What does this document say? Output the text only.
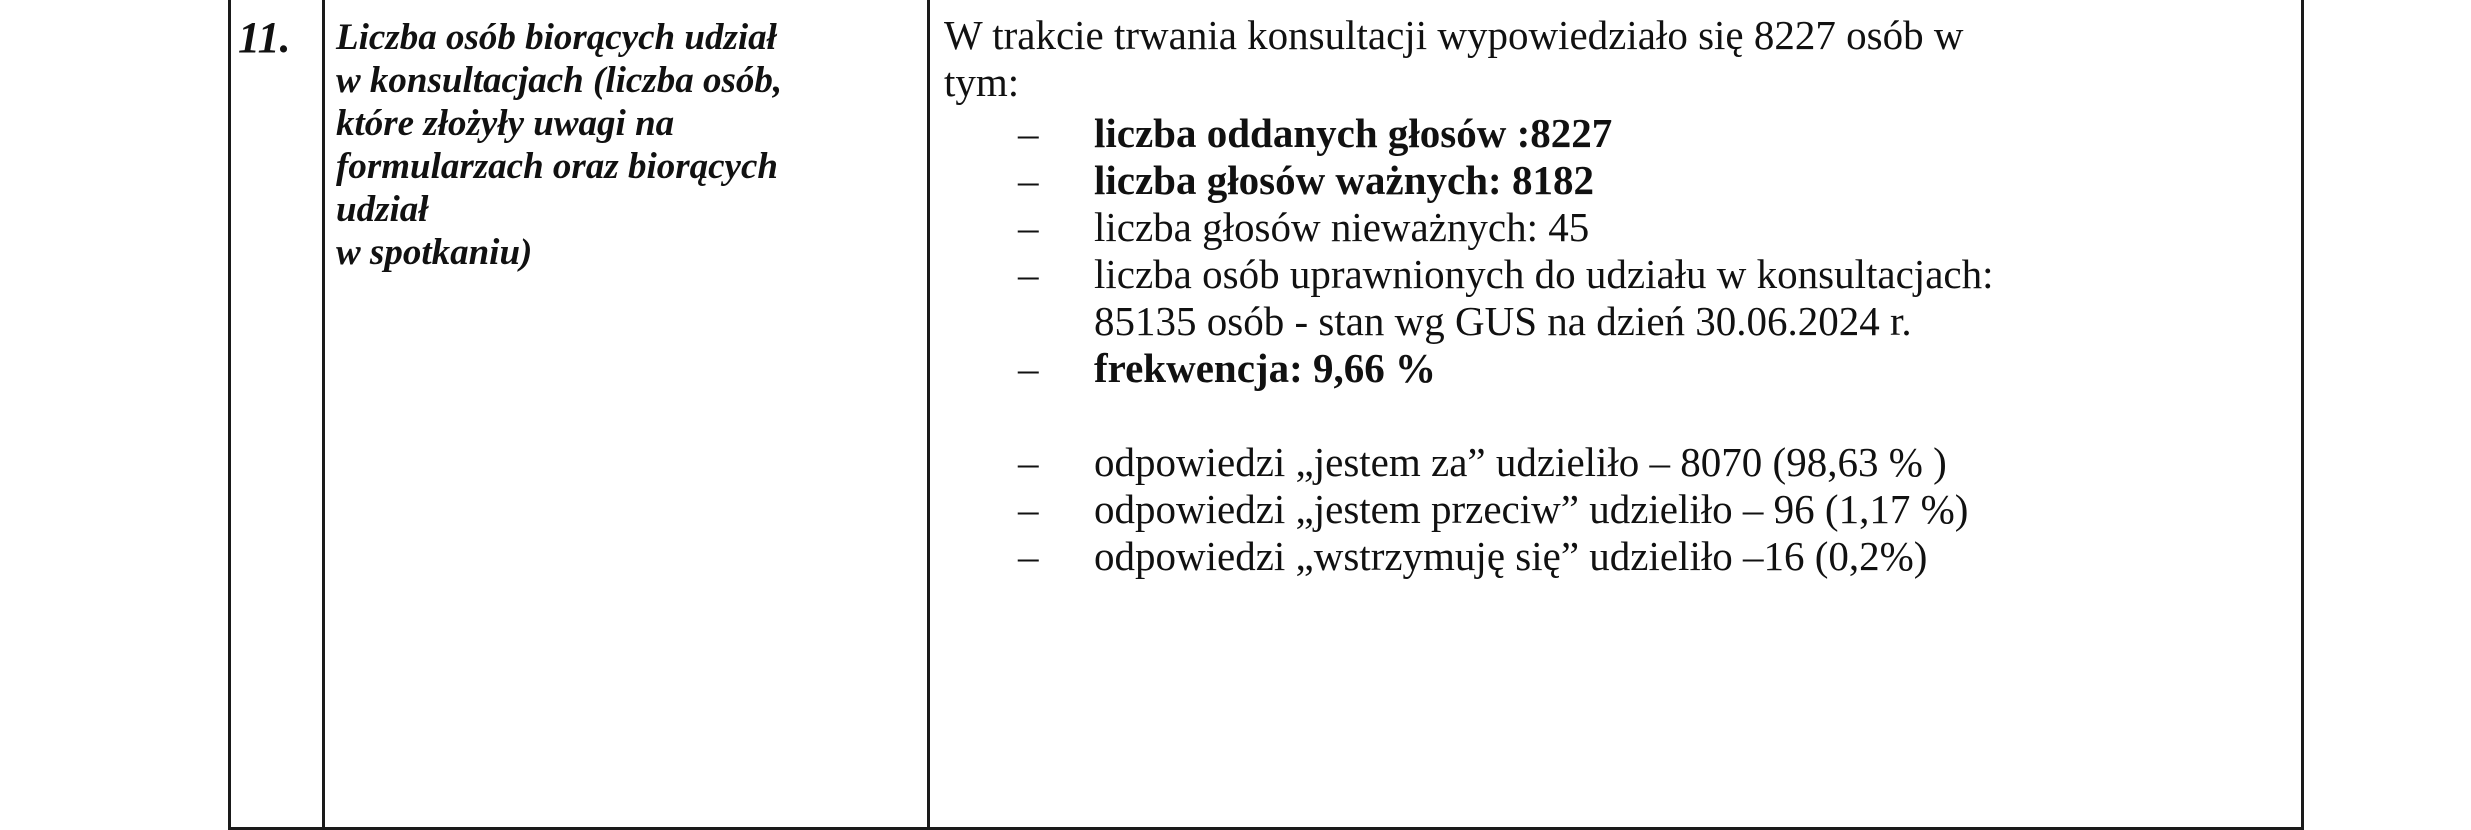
11. Liczba osób biorących udział
w konsultacjach (liczba osób,
które złożyły uwagi na
formularzach oraz biorących
udział
w spotkaniu)
W trakcie trwania konsultacji wypowiedziało się 8227 osób w
tym:
– liczba oddanych głosów :8227
– liczba głosów ważnych: 8182
– liczba głosów nieważnych: 45
– liczba osób uprawnionych do udziału w konsultacjach:
85135 osób - stan wg GUS na dzień 30.06.2024 r.
– frekwencja: 9,66 %
– odpowiedzi „jestem za” udzieliło – 8070 (98,63 % )
– odpowiedzi „jestem przeciw” udzieliło – 96 (1,17 %)
– odpowiedzi „wstrzymuję się” udzieliło –16 (0,2%)
